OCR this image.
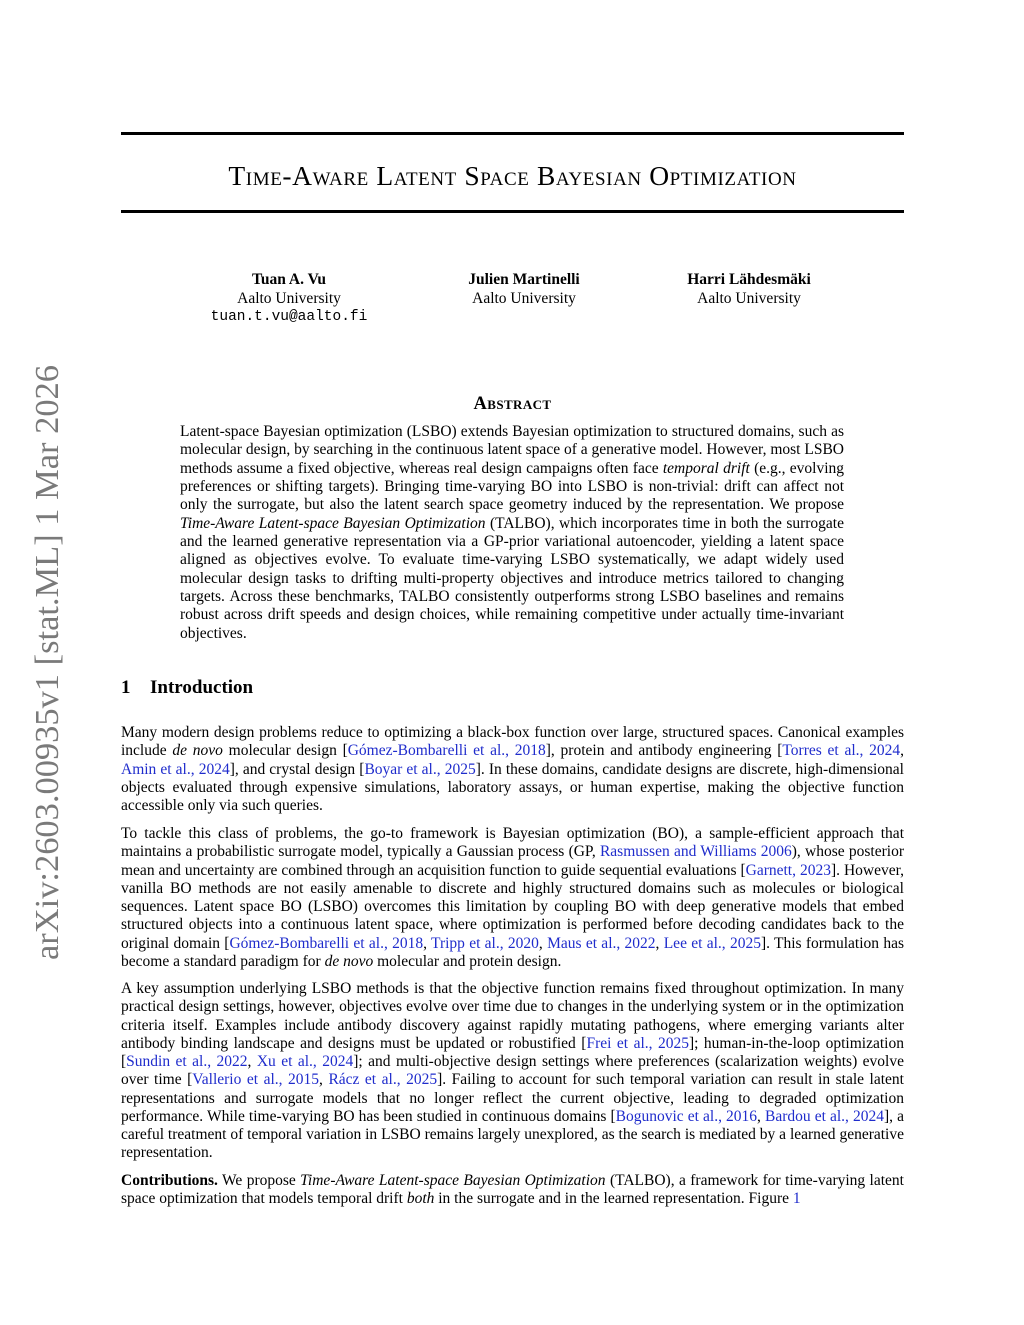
arXiv:2603.00935v1 [stat.ML] 1 Mar 2026
Time-Aware Latent Space Bayesian Optimization
Tuan A. Vu
Aalto University
tuan.t.vu@aalto.fi
Julien Martinelli
Aalto University
Harri Lähdesmäki
Aalto University
Abstract

Latent-space Bayesian optimization (LSBO) extends Bayesian optimization to structured domains, such as molecular design, by searching in the continuous latent space of a generative model. However, most LSBO methods assume a fixed objective, whereas real design campaigns often face temporal drift (e.g., evolving preferences or shifting targets). Bringing time-varying BO into LSBO is non-trivial: drift can affect not only the surrogate, but also the latent search space geometry induced by the representation. We propose Time-Aware Latent-space Bayesian Optimization (TALBO), which incorporates time in both the surrogate and the learned generative representation via a GP-prior variational autoencoder, yielding a latent space aligned as objectives evolve. To evaluate time-varying LSBO systematically, we adapt widely used molecular design tasks to drifting multi-property objectives and introduce metrics tailored to changing targets. Across these benchmarks, TALBO consistently outperforms strong LSBO baselines and remains robust across drift speeds and design choices, while remaining competitive under actually time-invariant objectives.

1 Introduction

Many modern design problems reduce to optimizing a black-box function over large, structured spaces. Canonical examples include de novo molecular design [Gómez-Bombarelli et al., 2018], protein and antibody engineering [Torres et al., 2024, Amin et al., 2024], and crystal design [Boyar et al., 2025]. In these domains, candidate designs are discrete, high-dimensional objects evaluated through expensive simulations, laboratory assays, or human expertise, making the objective function accessible only via such queries.

To tackle this class of problems, the go-to framework is Bayesian optimization (BO), a sample-efficient approach that maintains a probabilistic surrogate model, typically a Gaussian process (GP, Rasmussen and Williams 2006), whose posterior mean and uncertainty are combined through an acquisition function to guide sequential evaluations [Garnett, 2023]. However, vanilla BO methods are not easily amenable to discrete and highly structured domains such as molecules or biological sequences. Latent space BO (LSBO) overcomes this limitation by coupling BO with deep generative models that embed structured objects into a continuous latent space, where optimization is performed before decoding candidates back to the original domain [Gómez-Bombarelli et al., 2018, Tripp et al., 2020, Maus et al., 2022, Lee et al., 2025]. This formulation has become a standard paradigm for de novo molecular and protein design.

A key assumption underlying LSBO methods is that the objective function remains fixed throughout optimization. In many practical design settings, however, objectives evolve over time due to changes in the underlying system or in the optimization criteria itself. Examples include antibody discovery against rapidly mutating pathogens, where emerging variants alter antibody binding landscape and designs must be updated or robustified [Frei et al., 2025]; human-in-the-loop optimization [Sundin et al., 2022, Xu et al., 2024]; and multi-objective design settings where preferences (scalarization weights) evolve over time [Vallerio et al., 2015, Rácz et al., 2025]. Failing to account for such temporal variation can result in stale latent representations and surrogate models that no longer reflect the current objective, leading to degraded optimization performance. While time-varying BO has been studied in continuous domains [Bogunovic et al., 2016, Bardou et al., 2024], a careful treatment of temporal variation in LSBO remains largely unexplored, as the search is mediated by a learned generative representation.

Contributions. We propose Time-Aware Latent-space Bayesian Optimization (TALBO), a framework for time-varying latent space optimization that models temporal drift both in the surrogate and in the learned representation. Figure 1
